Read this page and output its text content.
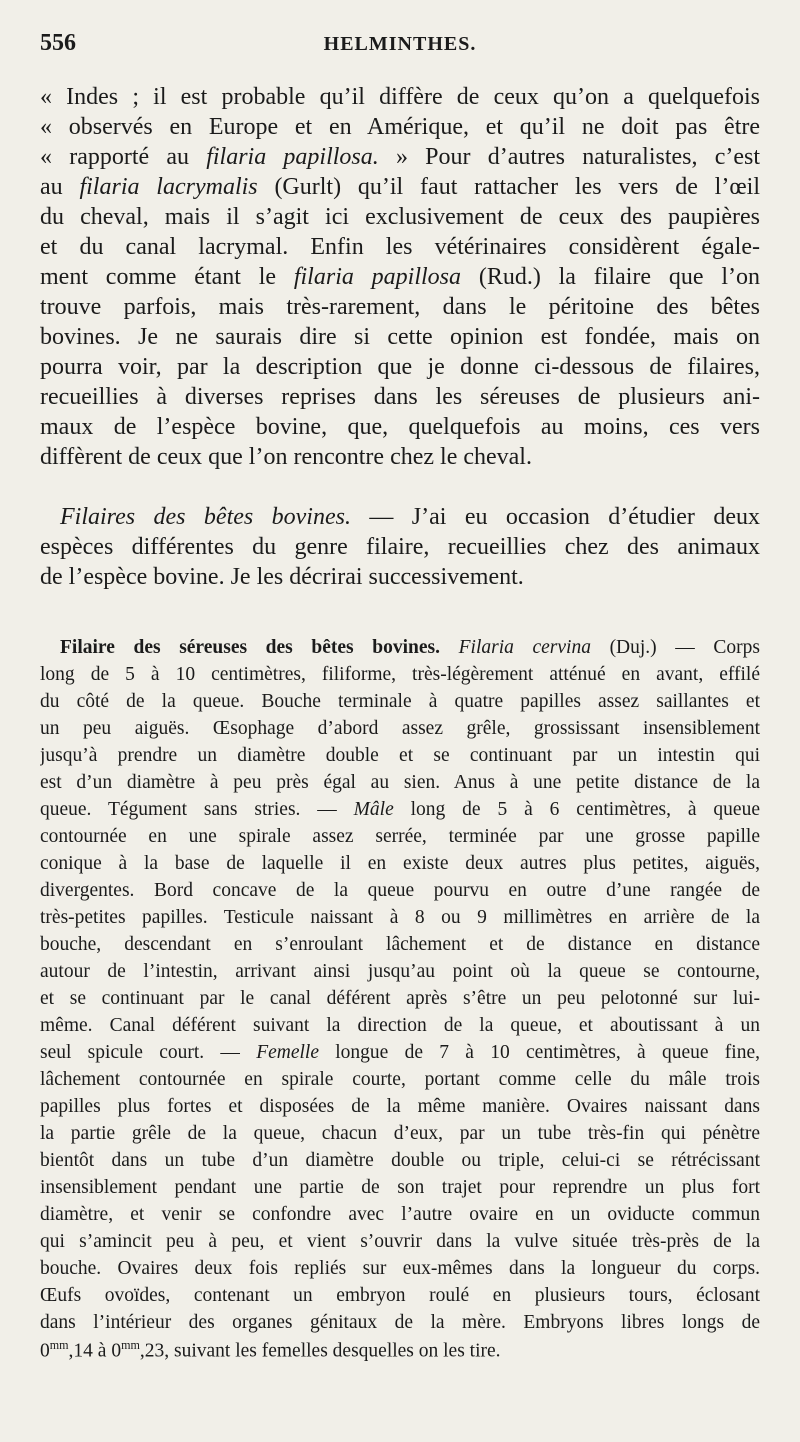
556	HELMINTHES.
« Indes ; il est probable qu’il diffère de ceux qu’on a quelquefois
« observés en Europe et en Amérique, et qu’il ne doit pas être
« rapporté au filaria papillosa. » Pour d’autres naturalistes, c’est
au filaria lacrymalis (Gurlt) qu’il faut rattacher les vers de l’œil
du cheval, mais il s’agit ici exclusivement de ceux des paupières
et du canal lacrymal. Enfin les vétérinaires considèrent égale-
ment comme étant le filaria papillosa (Rud.) la filaire que l’on
trouve parfois, mais très-rarement, dans le péritoine des bêtes
bovines. Je ne saurais dire si cette opinion est fondée, mais on
pourra voir, par la description que je donne ci-dessous de filaires,
recueillies à diverses reprises dans les séreuses de plusieurs ani-
maux de l’espèce bovine, que, quelquefois au moins, ces vers
diffèrent de ceux que l’on rencontre chez le cheval.
Filaires des bêtes bovines. — J’ai eu occasion d’étudier deux
espèces différentes du genre filaire, recueillies chez des animaux
de l’espèce bovine. Je les décrirai successivement.
Filaire des séreuses des bêtes bovines. Filaria cervina (Duj.) — Corps
long de 5 à 10 centimètres, filiforme, très-légèrement atténué en avant, effilé
du côté de la queue. Bouche terminale à quatre papilles assez saillantes et
un peu aiguës. Œsophage d’abord assez grêle, grossissant insensiblement
jusqu’à prendre un diamètre double et se continuant par un intestin qui
est d’un diamètre à peu près égal au sien. Anus à une petite distance de la
queue. Tégument sans stries. — Mâle long de 5 à 6 centimètres, à queue
contournée en une spirale assez serrée, terminée par une grosse papille
conique à la base de laquelle il en existe deux autres plus petites, aiguës,
divergentes. Bord concave de la queue pourvu en outre d’une rangée de
très-petites papilles. Testicule naissant à 8 ou 9 millimètres en arrière de la
bouche, descendant en s’enroulant lâchement et de distance en distance
autour de l’intestin, arrivant ainsi jusqu’au point où la queue se contourne,
et se continuant par le canal déférent après s’être un peu pelotonné sur lui-
même. Canal déférent suivant la direction de la queue, et aboutissant à un
seul spicule court. — Femelle longue de 7 à 10 centimètres, à queue fine,
lâchement contournée en spirale courte, portant comme celle du mâle trois
papilles plus fortes et disposées de la même manière. Ovaires naissant dans
la partie grêle de la queue, chacun d’eux, par un tube très-fin qui pénètre
bientôt dans un tube d’un diamètre double ou triple, celui-ci se rétrécissant
insensiblement pendant une partie de son trajet pour reprendre un plus fort
diamètre, et venir se confondre avec l’autre ovaire en un oviducte commun
qui s’amincit peu à peu, et vient s’ouvrir dans la vulve située très-près de la
bouche. Ovaires deux fois repliés sur eux-mêmes dans la longueur du corps.
Œufs ovoïdes, contenant un embryon roulé en plusieurs tours, éclosant
dans l’intérieur des organes génitaux de la mère. Embryons libres longs de
$0^{mm},14$ à $0^{mm},23$, suivant les femelles desquelles on les tire.
